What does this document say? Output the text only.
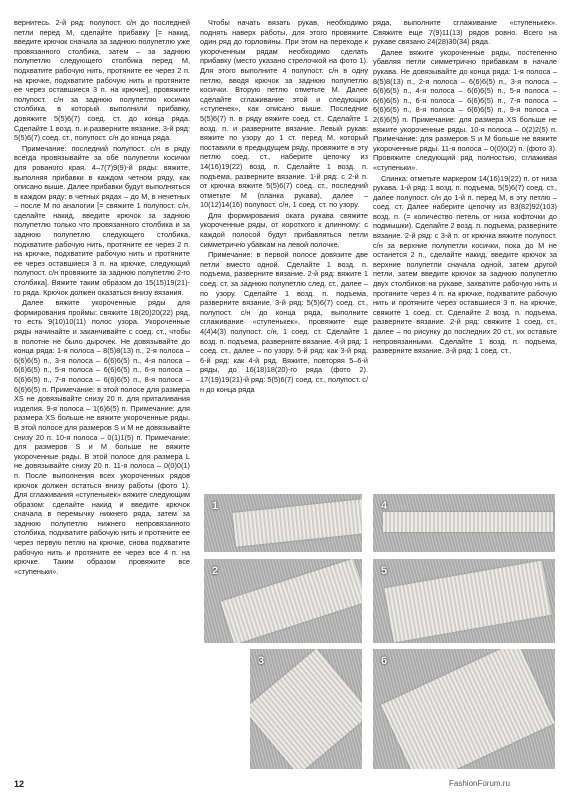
вернитесь. 2-й ряд: полупост. с/н до последней петли перед M, сделайте прибавку [= накид, введите крючок сначала за заднюю полупетлю уже провязанного столбика, затем – за заднюю полупетлю следующего столбика перед M, подхватите рабочую нить, протяните ее через 2 п. на крючке, подхватите рабочую нить и протяните ее через оставшиеся 3 п. на крючке], провяжите полупост. с/н за заднюю полупетлю косички столбика, в который выполнили прибавку, довяжите 5(5)6(7) соед. ст. до конца ряда. Сделайте 1 возд. п. и разверните вязание. 3-й ряд: 5(5)6(7) соед. ст., полупост. с/н до конца ряда.

Примечание: последний полупост. с/н в ряду всегда провязывайте за обе полупетли косички для рованого края. 4–7(7)9(9)-й ряды: вяжите, выполняя прибавки в каждом четном ряду, как описано выше. Далее прибавки будут выполняться в каждом ряду: в четных рядах – до M, в нечетных – после M по аналогии [= свяжите 1 полупост. с/н, сделайте накид, введите крючок за заднюю полупетлю только что провязанного столбика и за заднюю полупетлю следующего столбика, подхватите рабочую нить, протяните ее через 2 п. на крючке, подхватите рабочую нить и протяните ее через оставшиеся 3 п. на крючке, следующий полупост. с/н провяжите за заднюю полупетлю 2-го столбика]. Вяжите таким образом до 15(15)19(21)-го ряда. Крючок должен оказаться внизу вязания.

Далее вяжите укороченные ряды для формирования проймы: свяжите 18(20)20(22) ряд, то есть 9(10)10(11) полос узора. Укороченные ряды начинайте и заканчивайте с соед. ст., чтобы в полотне не было дырочек. Не довязывайте до конца ряда: 1-я полоса – 8(5)8(13) п., 2-я полоса – 6(6)6(5) п., 3-я полоса – 6(6)6(5) п., 4-я полоса – 6(6)6(5) п., 5-я полоса – 6(6)6(5) п., 6-я полоса – 6(6)6(5) п., 7-я полоса – 6(6)6(5) п., 8-я полоса – 6(6)6(5) п. Примечание: в этой полосе для размера XS не довязывайте снизу 20 п. для приталивания изделия. 9-я полоса – 1(6)6(5) п. Примечание: для размера XS больше не вяжите укороченные ряды. В этой полосе для размеров S и M не довязывайте снизу 20 п. 10-я полоса – 0(1)1(5) п. Примечание: для размеров S и M больше не вяжите укороченные ряды. В этой полосе для размера L не довязывайте снизу 20 п. 11-я полоса – 0(0)0(1) п. После выполнения всех укороченных рядов крючок должен остаться внизу работы (фото 1). Для сглаживания «ступенькек» вяжите следующим образом: сделайте накид и введите крючок сначала в перемычку нижнего ряда, затем за заднюю полупетлю нижнего непровязанного столбика, подхватите рабочую нить и протяните ее через первую петлю на крючке, снова подхватите рабочую нить и протяните ее через все 4 п. на крючке. Таким образом провяжите все «ступеньки».

Чтобы начать вязать рукав, необходимо поднять наверх работы, для этого провяжите один ряд до горловины. При этом на переходе к укороченным рядам необходимо сделать прибавку (место указано стрелочкой на фото 1). Для этого выполните 4 полупост. с/н в одну петлю, вводя крючок за заднюю полупетлю косички. Вторую петлю отметьте M. Далее сделайте сглаживание этой и следующих «ступенек», как описано выше. Последние 5(5)6(7) п. в ряду вяжите соед. ст.. Сделайте 1 возд. п. и разверните вязание. Левый рукав: вяжите по узору до 1 ст. перед M, который поставили в предыдущем ряду, провяжите в эту петлю соед. ст., наберите цепочку из 14(16)19(22) возд. п. Сделайте 1 возд. п. подъема, разверните вязание. 1-й ряд: с 2-й п. от крючка вяжите 5(5)6(7) соед. ст., последний отметьте M (планка рукава), далее – 10(12)14(16) полупост. с/н, 1 соед. ст. по узору.

Для формирования оката рукава свяжите укороченные ряды, от короткого к длинному: с каждой полосой будут прибавляться петли симметрично убавкам на левой полочке.

Примечание: в первой полосе довязите две петли вместо одной. Сделайте 1 возд. п. подъема, разверните вязание. 2-й ряд: вяжите 1 соед. ст. за заднюю полупетлю след. ст., далее – по узору. Сделайте 1 возд. п. подъема, разверните вязание. 3-й ряд: 5(5)6(7) соед. ст., полупост. с/н до конца ряда, выполните сглаживание «ступенькек», провяжите еще 4(4)4(3) полупост. с/н, 1 соед. ст. Сделайте 1 возд. п. подъема, разверните вязание. 4-й ряд: 1 соед. ст., далее – по узору. 5-й ряд: как 3-й ряд. 6-й ряд: как 4-й ряд. Вяжите, повторяя 5–6-й ряды, до 16(18)18(20)-го ряда (фото 2). 17(19)19(21)-й ряд: 5(5)6(7) соед. ст., полупост. с/н до конца ряда

ряда, выполните сглаживание «ступенькек». Свяжите еще 7(9)11(13) рядов ровно. Всего на рукаве связано 24(28)30(34) ряда.

Далее вяжите укороченные ряды, постепенно убавляя петли симметрично прибавкам в начале рукава. Не довязывайте до конца ряда: 1-я полоса – 8(5)8(13) п., 2-я полоса – 6(6)6(5) п., 3-я полоса – 6(6)6(5) п., 4-я полоса – 6(6)6(5) п., 5-я полоса – 6(6)6(5) п., 6-я полоса – 6(6)6(5) п., 7-я полоса – 6(6)6(5) п., 8-я полоса – 6(6)6(5) п., 9-я полоса – 2(6)6(5) п. Примечание: для размера XS больше не вяжите укороченные ряды. 10-я полоса – 0(2)2(5) п. Примечание: для размеров S и M больше не вяжите укороченные ряды. 11-я полоса – 0(0)0(2) п. (фото 3). Провяжите следующий ряд полностью, сглаживая «ступеньки».

Спинка: отметьте маркером 14(16)19(22) п. от низа рукава. 1-й ряд: 1 возд. п. подъема, 5(5)6(7) соед. ст., далее полупост. с/н до 1-й п. перед M, в эту петлю – соед. ст. Далее наберите цепочку из 83(82)92(103) возд. п. (= количество петель от низа кофточки до подмышки). Сделайте 2 возд. п. подъема, разверните вязание. 2-й ряд: с 3-й п. от крючка вяжите полупост. с/н за верхние полупетли косички, пока до M не останется 2 п., сделайте накид, введите крючок за верхние полупетли сначала одной, затем другой петли, затем введите крючок за заднюю полупетлю двух столбиков на рукаве, захватите рабочую нить и протяните через 4 п. на крючке, подхватите рабочую нить и протяните через оставшиеся 3 п. на крючке, свяжите 1 соед. ст. Сделайте 2 возд. п. подъема, разверните вязание. 2-й ряд: свяжите 1 соед. ст., далее – по рисунку до последних 20 ст., их оставьте непровязанными. Сделайте 1 возд. п. подъема, разверните вязание. 3-й ряд: 1 соед. ст.,

1
2
3
4
5
6
12	FashionForum.ru
